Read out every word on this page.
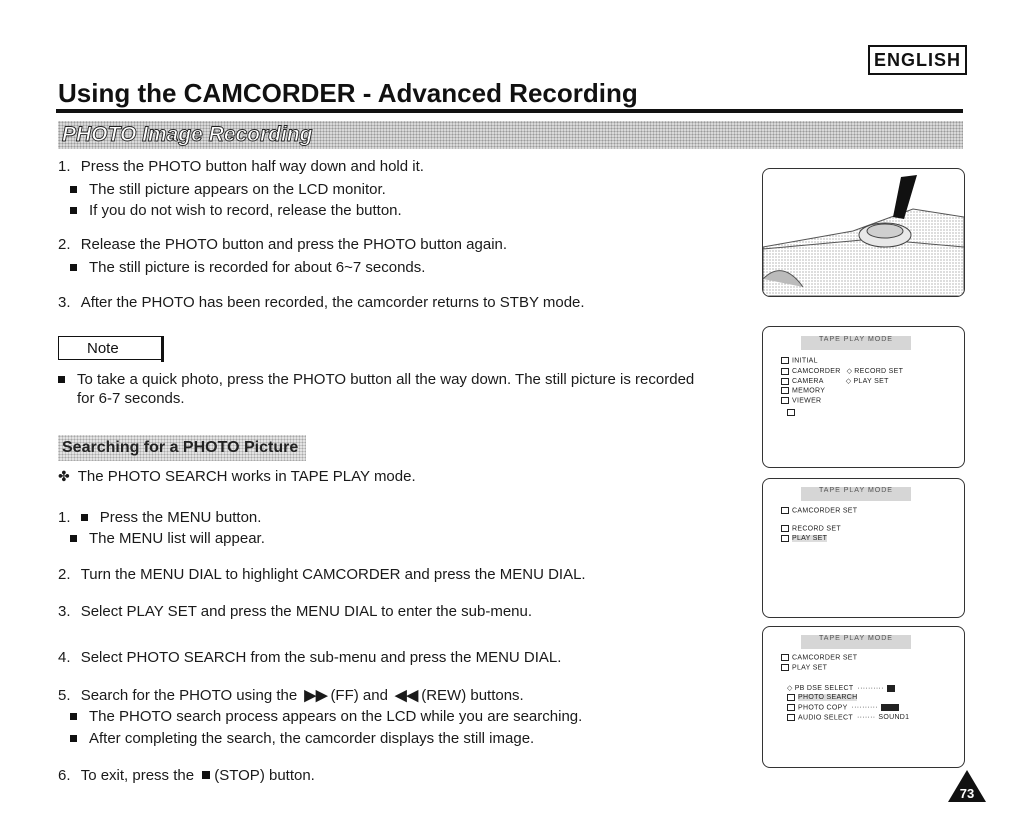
ENGLISH
Using the CAMCORDER - Advanced Recording
PHOTO Image Recording
1. Press the PHOTO button half way down and hold it.
The still picture appears on the LCD monitor.
If you do not wish to record, release the button.
2. Release the PHOTO button and press the PHOTO button again.
The still picture is recorded for about 6~7 seconds.
3. After the PHOTO has been recorded, the camcorder returns to STBY mode.
Note
To take a quick photo, press the PHOTO button all the way down. The still picture is recorded
for 6-7 seconds.
Searching for a PHOTO Picture
✤ The PHOTO SEARCH works in TAPE PLAY mode.
1. Press the MENU button.
The MENU list will appear.
2. Turn the MENU DIAL to highlight CAMCORDER and press the MENU DIAL.
3. Select PLAY SET and press the MENU DIAL to enter the sub-menu.
4. Select PHOTO SEARCH from the sub-menu and press the MENU DIAL.
5. Search for the PHOTO using the ▶▶ (FF) and ◀◀ (REW) buttons.
The PHOTO search process appears on the LCD while you are searching.
After completing the search, the camcorder displays the still image.
6. To exit, press the (STOP) button.
TAPE PLAY MODE
INITIAL
CAMCORDER ◇ RECORD SET
CAMERA	◇ PLAY SET
MEMORY
VIEWER
TAPE PLAY MODE
CAMCORDER SET
RECORD SET
PLAY SET
TAPE PLAY MODE
CAMCORDER SET
PLAY SET
◇ PB DSE SELECT ··········
PHOTO SEARCH
PHOTO COPY ··········
AUDIO SELECT ······· SOUND1
73
